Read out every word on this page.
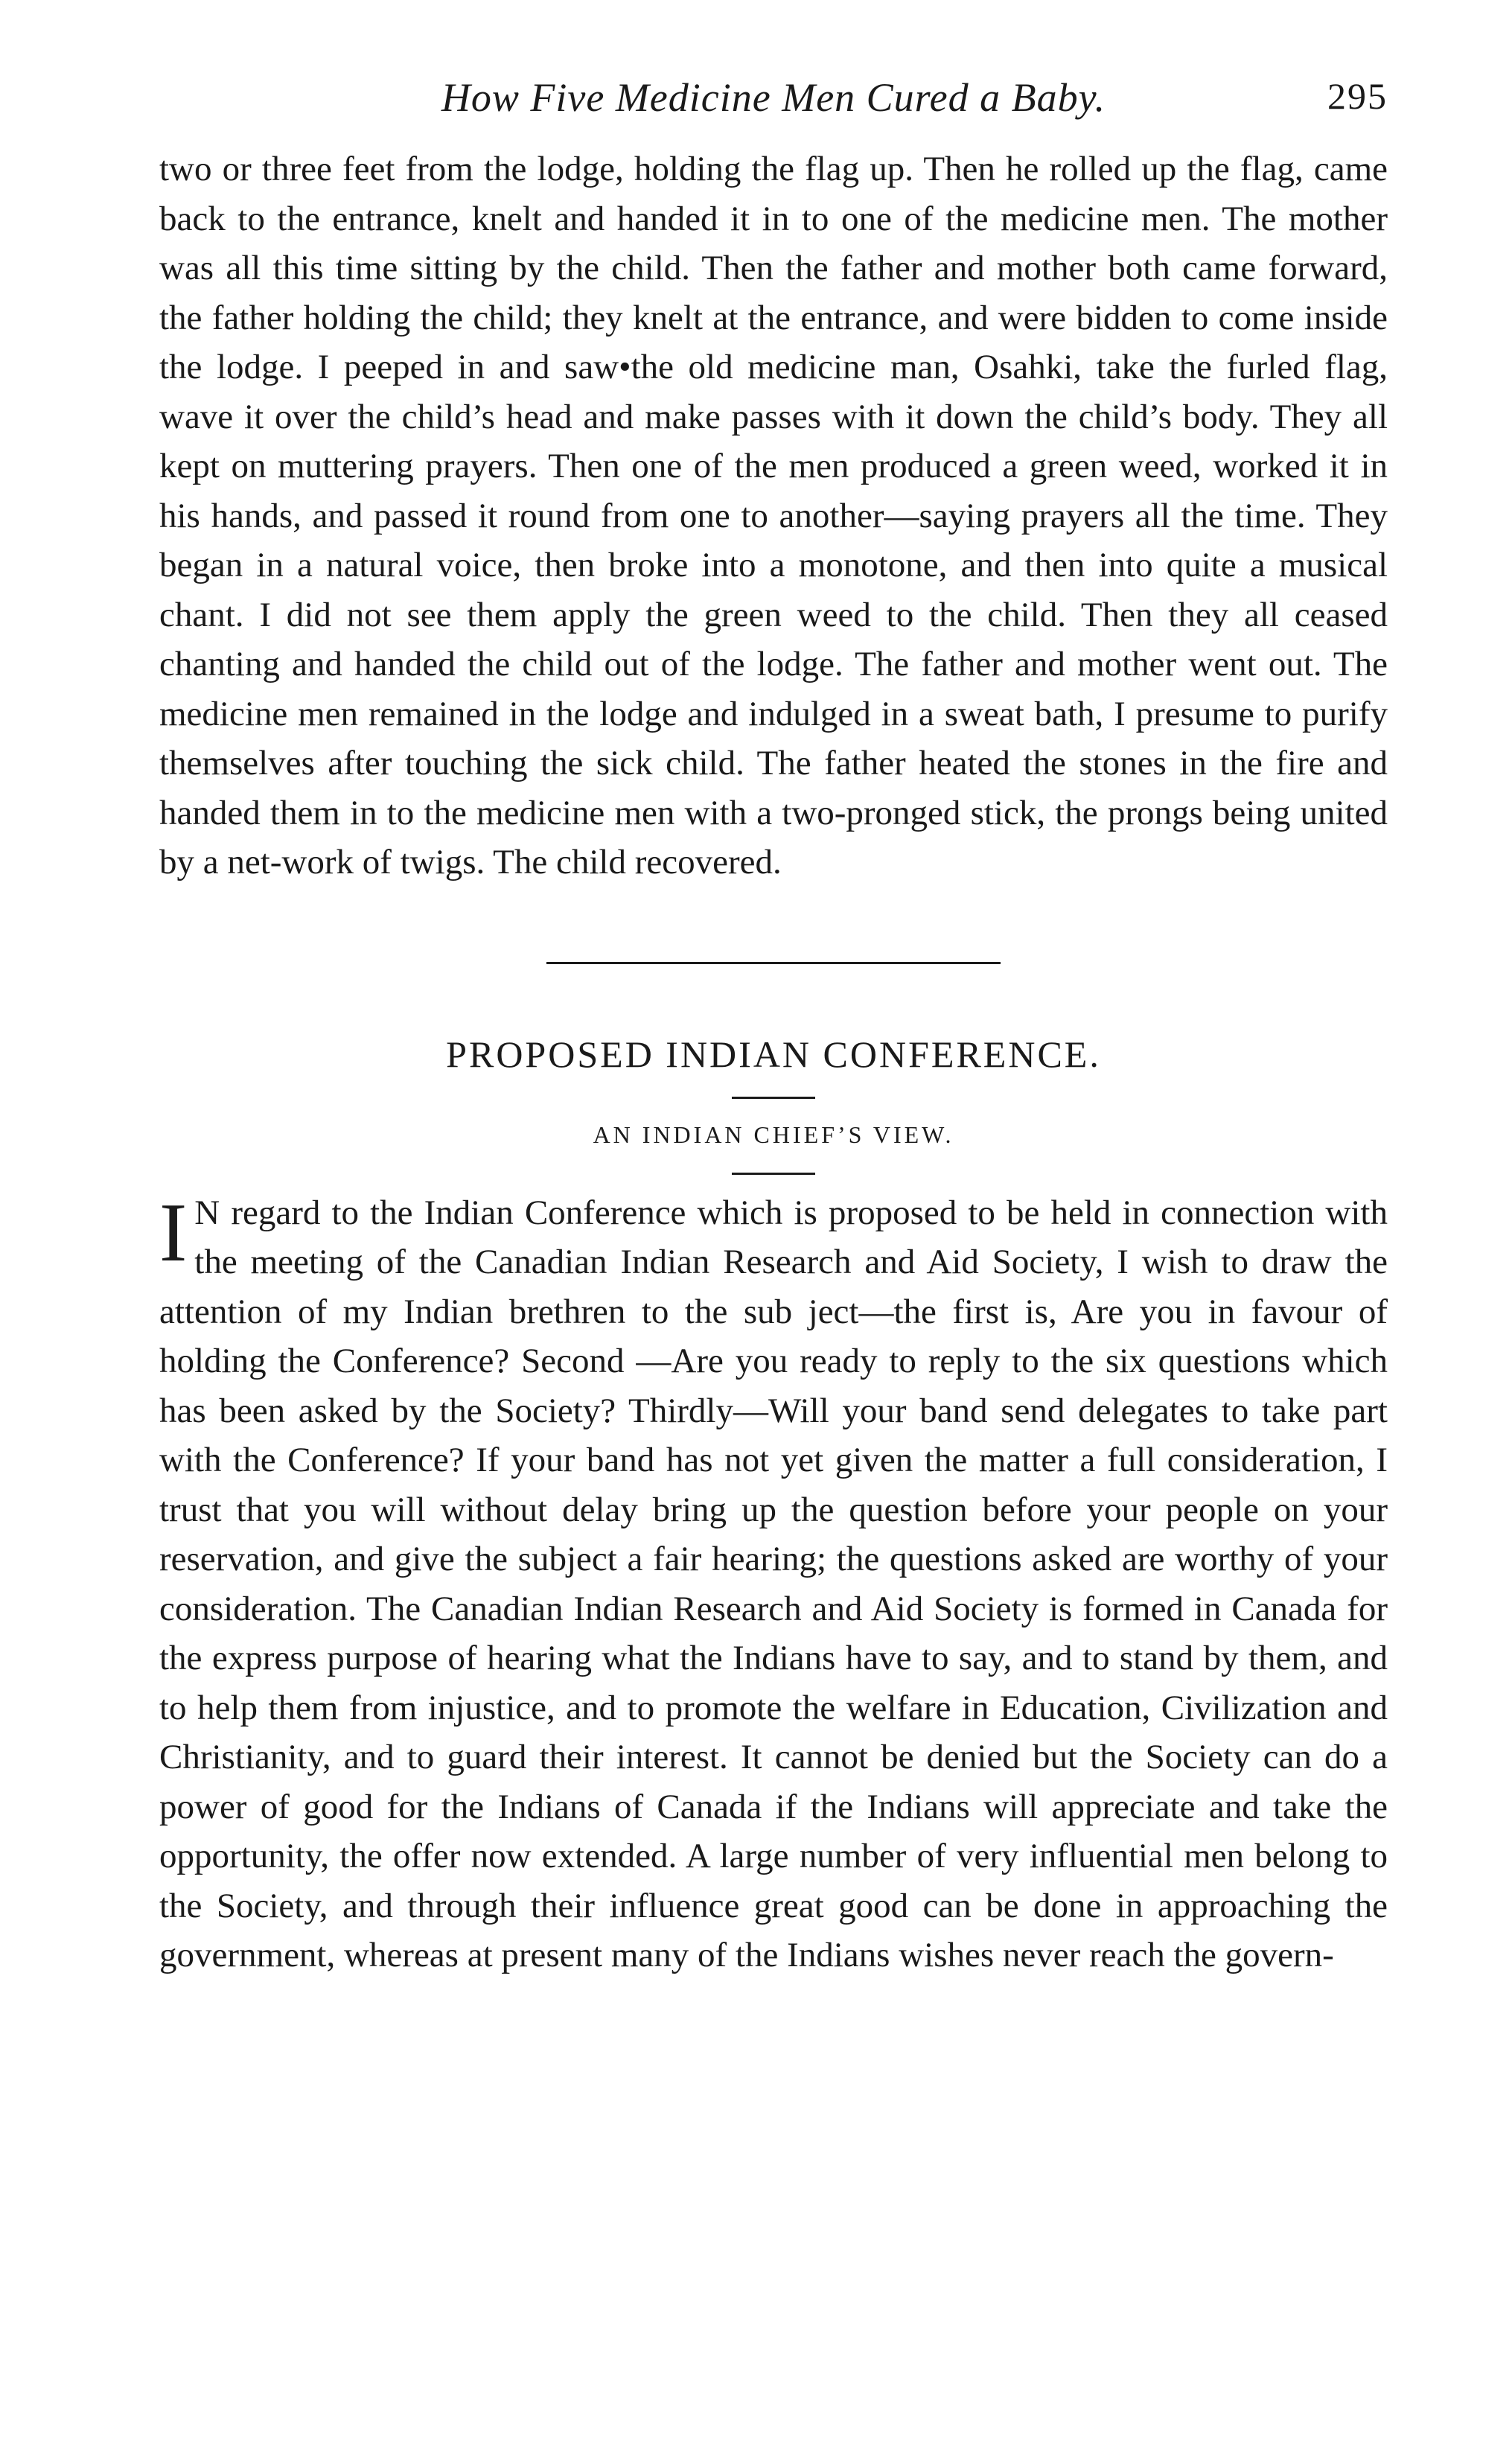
How Five Medicine Men Cured a Baby.	295

two or three feet from the lodge, holding the flag up. Then he rolled up the flag, came back to the entrance, knelt and handed it in to one of the medicine men. The mother was all this time sitting by the child. Then the father and mother both came forward, the father holding the child; they knelt at the entrance, and were bidden to come inside the lodge. I peeped in and saw•the old medicine man, Osahki, take the furled flag, wave it over the child’s head and make passes with it down the child’s body. They all kept on muttering prayers. Then one of the men produced a green weed, worked it in his hands, and passed it round from one to another—saying prayers all the time. They began in a natural voice, then broke into a monotone, and then into quite a musical chant. I did not see them apply the green weed to the child. Then they all ceased chanting and handed the child out of the lodge. The father and mother went out. The medicine men remained in the lodge and indulged in a sweat bath, I presume to purify themselves after touching the sick child. The father heated the stones in the fire and handed them in to the medicine men with a two-pronged stick, the prongs being united by a net-work of twigs. The child recovered.

PROPOSED INDIAN CONFERENCE.
AN INDIAN CHIEF’S VIEW.
I N regard to the Indian Conference which is proposed to be held in connection with the meeting of the Canadian Indian Research and Aid Society, I wish to draw the attention of my Indian brethren to the sub ject—the first is, Are you in favour of holding the Conference? Second —Are you ready to reply to the six questions which has been asked by the Society? Thirdly—Will your band send delegates to take part with the Conference? If your band has not yet given the matter a full consideration, I trust that you will without delay bring up the question before your people on your reservation, and give the subject a fair hearing; the questions asked are worthy of your consideration. The Canadian Indian Research and Aid Society is formed in Canada for the express purpose of hearing what the Indians have to say, and to stand by them, and to help them from injustice, and to promote the welfare in Education, Civilization and Christianity, and to guard their interest. It cannot be denied but the Society can do a power of good for the Indians of Canada if the Indians will appreciate and take the opportunity, the offer now extended. A large number of very influential men belong to the Society, and through their influence great good can be done in approaching the government, whereas at present many of the Indians wishes never reach the govern-
